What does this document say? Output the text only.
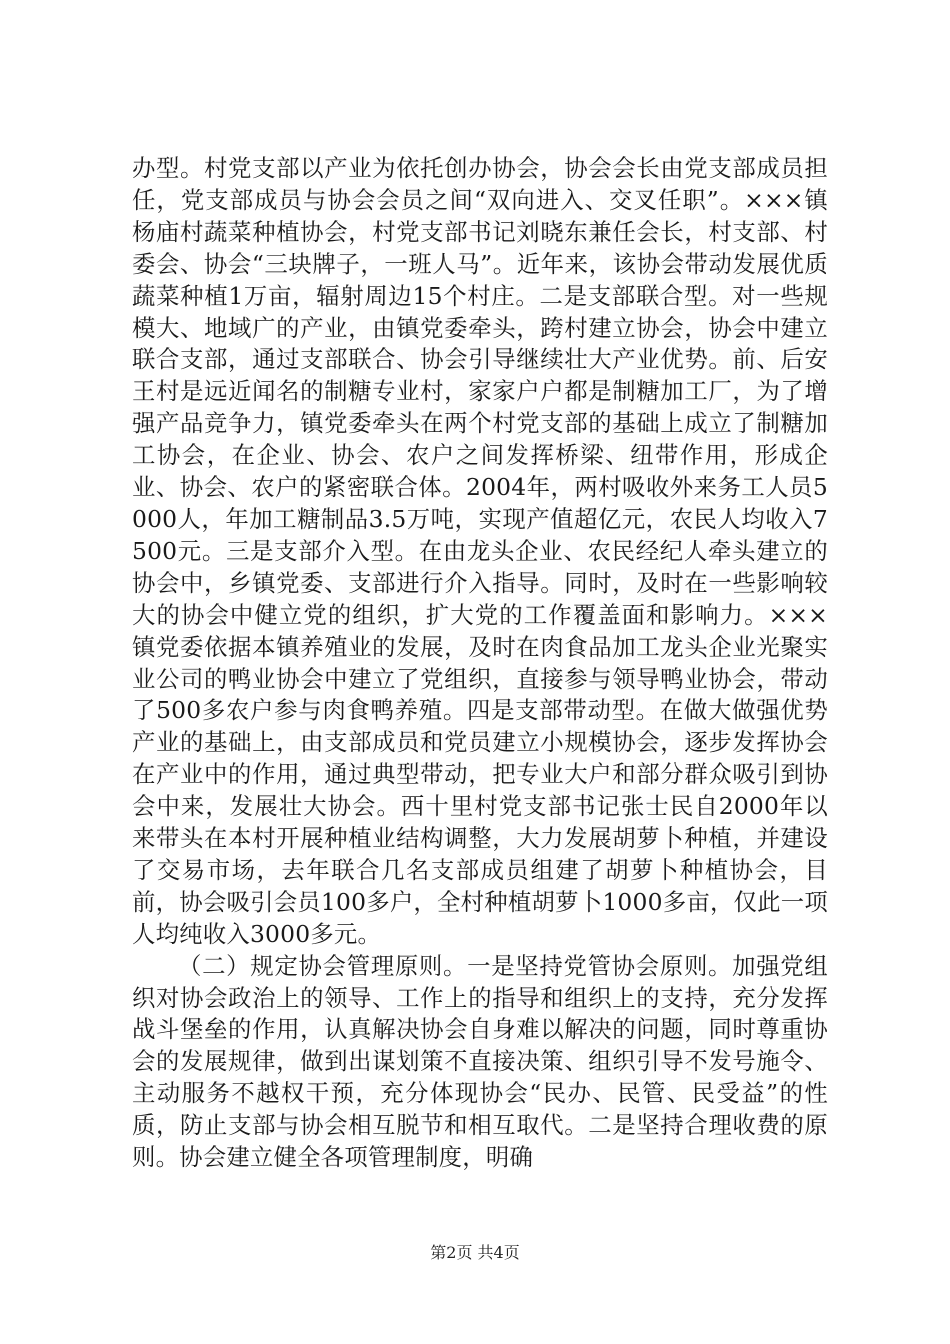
办型。村党支部以产业为依托创办协会，协会会长由党支部成员担任，党支部成员与协会会员之间“双向进入、交叉任职”。×××镇杨庙村蔬菜种植协会，村党支部书记刘晓东兼任会长，村支部、村委会、协会“三块牌子，一班人马”。近年来，该协会带动发展优质蔬菜种植1万亩，辐射周边15个村庄。二是支部联合型。对一些规模大、地域广的产业，由镇党委牵头，跨村建立协会，协会中建立联合支部，通过支部联合、协会引导继续壮大产业优势。前、后安王村是远近闻名的制糖专业村，家家户户都是制糖加工厂，为了增强产品竞争力，镇党委牵头在两个村党支部的基础上成立了制糖加工协会，在企业、协会、农户之间发挥桥梁、纽带作用，形成企业、协会、农户的紧密联合体。2004年，两村吸收外来务工人员5000人，年加工糖制品3.5万吨，实现产值超亿元，农民人均收入7500元。三是支部介入型。在由龙头企业、农民经纪人牵头建立的协会中，乡镇党委、支部进行介入指导。同时，及时在一些影响较大的协会中健立党的组织，扩大党的工作覆盖面和影响力。×××镇党委依据本镇养殖业的发展，及时在肉食品加工龙头企业光聚实业公司的鸭业协会中建立了党组织，直接参与领导鸭业协会，带动了500多农户参与肉食鸭养殖。四是支部带动型。在做大做强优势产业的基础上，由支部成员和党员建立小规模协会，逐步发挥协会在产业中的作用，通过典型带动，把专业大户和部分群众吸引到协会中来，发展壮大协会。西十里村党支部书记张士民自2000年以来带头在本村开展种植业结构调整，大力发展胡萝卜种植，并建设了交易市场，去年联合几名支部成员组建了胡萝卜种植协会，目前，协会吸引会员100多户，全村种植胡萝卜1000多亩，仅此一项人均纯收入3000多元。

（二）规定协会管理原则。一是坚持党管协会原则。加强党组织对协会政治上的领导、工作上的指导和组织上的支持，充分发挥战斗堡垒的作用，认真解决协会自身难以解决的问题，同时尊重协会的发展规律，做到出谋划策不直接决策、组织引导不发号施令、主动服务不越权干预，充分体现协会“民办、民管、民受益”的性质，防止支部与协会相互脱节和相互取代。二是坚持合理收费的原则。协会建立健全各项管理制度，明确

第2页 共4页
